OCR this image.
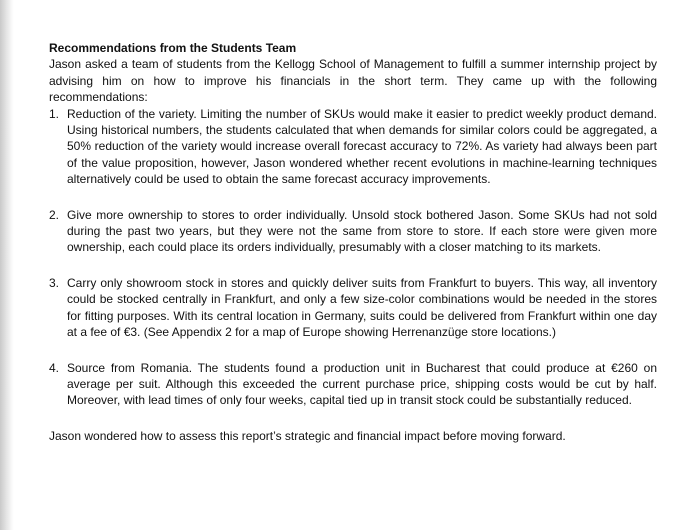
Recommendations from the Students Team

Jason asked a team of students from the Kellogg School of Management to fulfill a summer internship project by advising him on how to improve his financials in the short term. They came up with the following recommendations:

1. Reduction of the variety. Limiting the number of SKUs would make it easier to predict weekly product demand. Using historical numbers, the students calculated that when demands for similar colors could be aggregated, a 50% reduction of the variety would increase overall forecast accuracy to 72%. As variety had always been part of the value proposition, however, Jason wondered whether recent evolutions in machine-learning techniques alternatively could be used to obtain the same forecast accuracy improvements.
2. Give more ownership to stores to order individually. Unsold stock bothered Jason. Some SKUs had not sold during the past two years, but they were not the same from store to store. If each store were given more ownership, each could place its orders individually, presumably with a closer matching to its markets.
3. Carry only showroom stock in stores and quickly deliver suits from Frankfurt to buyers. This way, all inventory could be stocked centrally in Frankfurt, and only a few size-color combinations would be needed in the stores for fitting purposes. With its central location in Germany, suits could be delivered from Frankfurt within one day at a fee of €3. (See Appendix 2 for a map of Europe showing Herrenanzüge store locations.)
4. Source from Romania. The students found a production unit in Bucharest that could produce at €260 on average per suit. Although this exceeded the current purchase price, shipping costs would be cut by half. Moreover, with lead times of only four weeks, capital tied up in transit stock could be substantially reduced.

Jason wondered how to assess this report’s strategic and financial impact before moving forward.
